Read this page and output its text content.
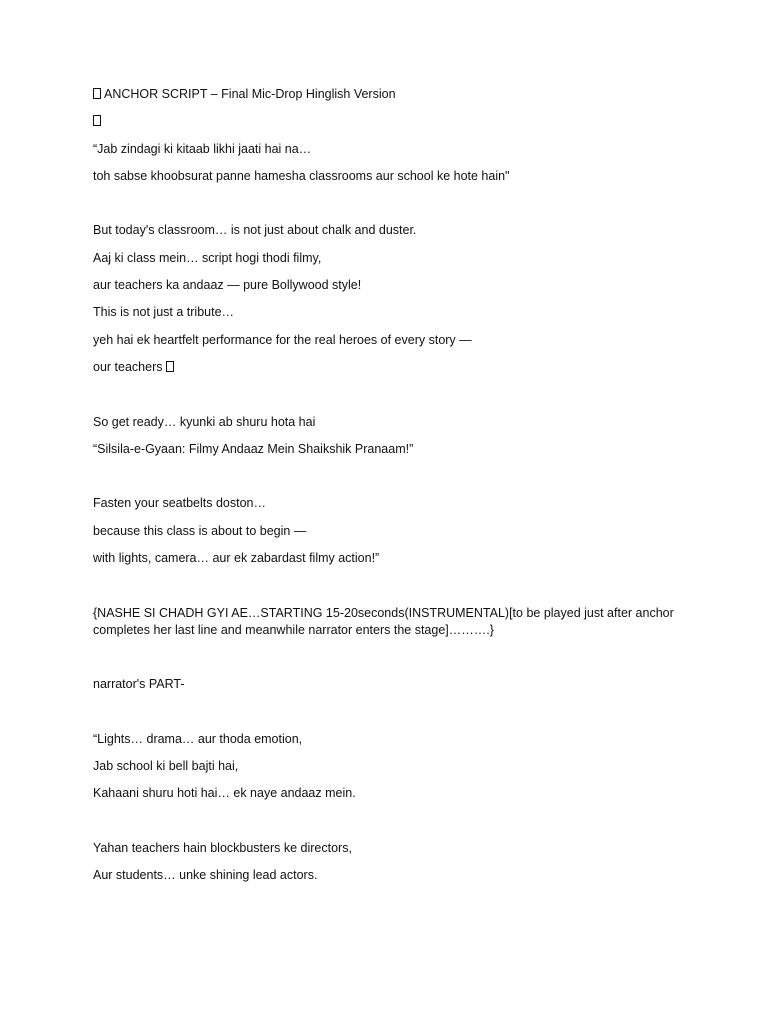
ANCHOR SCRIPT – Final Mic-Drop Hinglish Version
“Jab zindagi ki kitaab likhi jaati hai na…
toh sabse khoobsurat panne hamesha classrooms aur school ke hote hain"
But today's classroom… is not just about chalk and duster.
Aaj ki class mein… script hogi thodi filmy,
aur teachers ka andaaz — pure Bollywood style!
This is not just a tribute…
yeh hai ek heartfelt performance for the real heroes of every story —
our teachers
So get ready… kyunki ab shuru hota hai
“Silsila-e-Gyaan: Filmy Andaaz Mein Shaikshik Pranaam!”
Fasten your seatbelts doston…
because this class is about to begin —
with lights, camera… aur ek zabardast filmy action!”
{NASHE SI CHADH GYI AE…STARTING 15-20seconds(INSTRUMENTAL)[to be played just after anchor completes her last line and meanwhile narrator enters the stage]……….}
narrator's PART-
“Lights… drama… aur thoda emotion,
Jab school ki bell bajti hai,
Kahaani shuru hoti hai… ek naye andaaz mein.
Yahan teachers hain blockbusters ke directors,
Aur students… unke shining lead actors.
